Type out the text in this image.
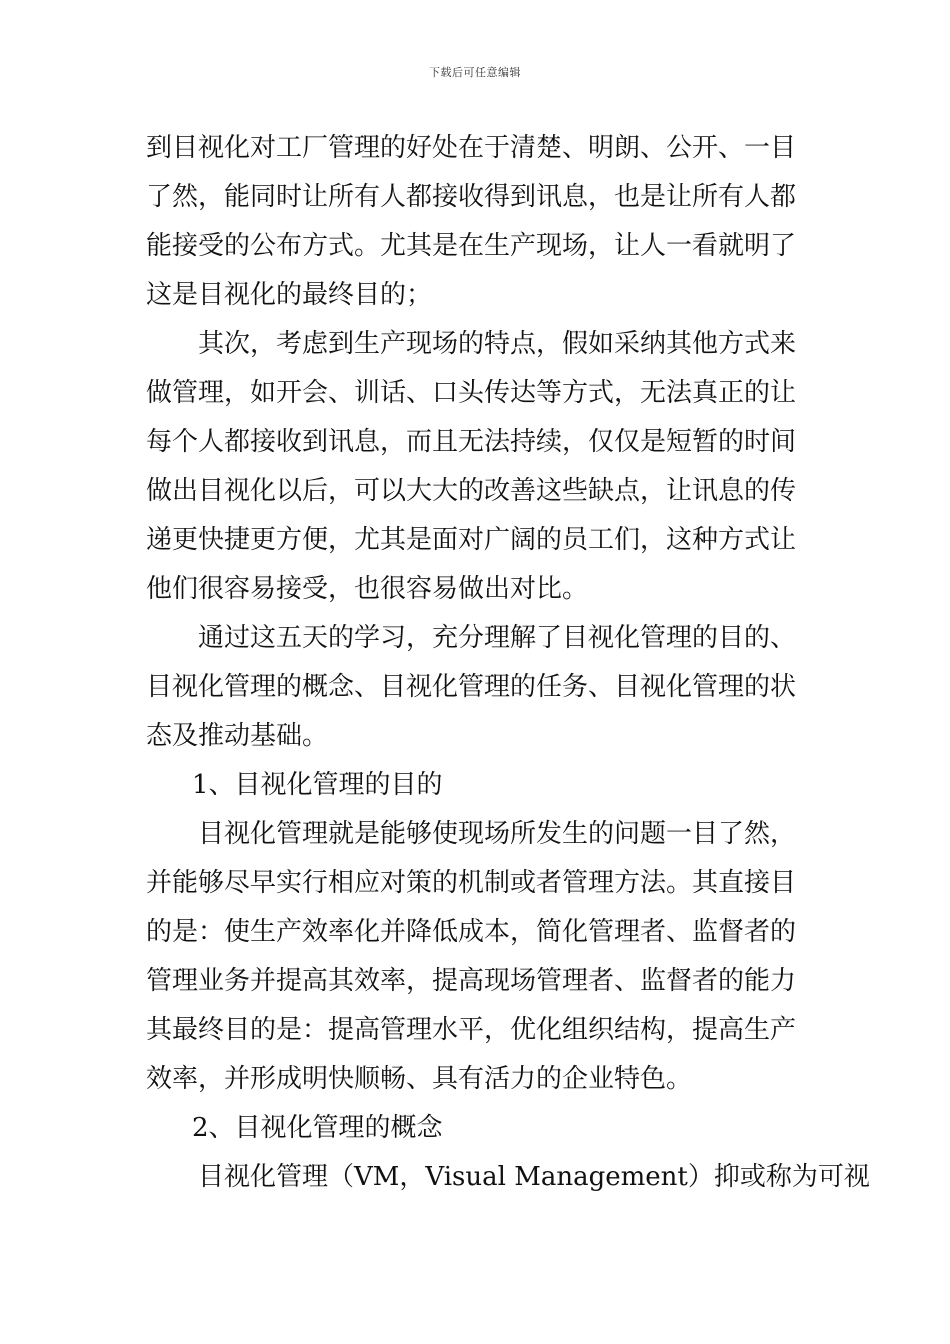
下载后可任意编辑
到目视化对工厂管理的好处在于清楚、明朗、公开、一目
了然，能同时让所有人都接收得到讯息，也是让所有人都
能接受的公布方式。尤其是在生产现场，让人一看就明了
这是目视化的最终目的；
其次，考虑到生产现场的特点，假如采纳其他方式来
做管理，如开会、训话、口头传达等方式，无法真正的让
每个人都接收到讯息，而且无法持续，仅仅是短暂的时间
做出目视化以后，可以大大的改善这些缺点，让讯息的传
递更快捷更方便，尤其是面对广阔的员工们，这种方式让
他们很容易接受，也很容易做出对比。
通过这五天的学习，充分理解了目视化管理的目的、
目视化管理的概念、目视化管理的任务、目视化管理的状
态及推动基础。
1、目视化管理的目的
目视化管理就是能够使现场所发生的问题一目了然，
并能够尽早实行相应对策的机制或者管理方法。其直接目
的是：使生产效率化并降低成本，简化管理者、监督者的
管理业务并提高其效率，提高现场管理者、监督者的能力
其最终目的是：提高管理水平，优化组织结构，提高生产
效率，并形成明快顺畅、具有活力的企业特色。
2、目视化管理的概念
目视化管理（VM，Visual Management）抑或称为可视
